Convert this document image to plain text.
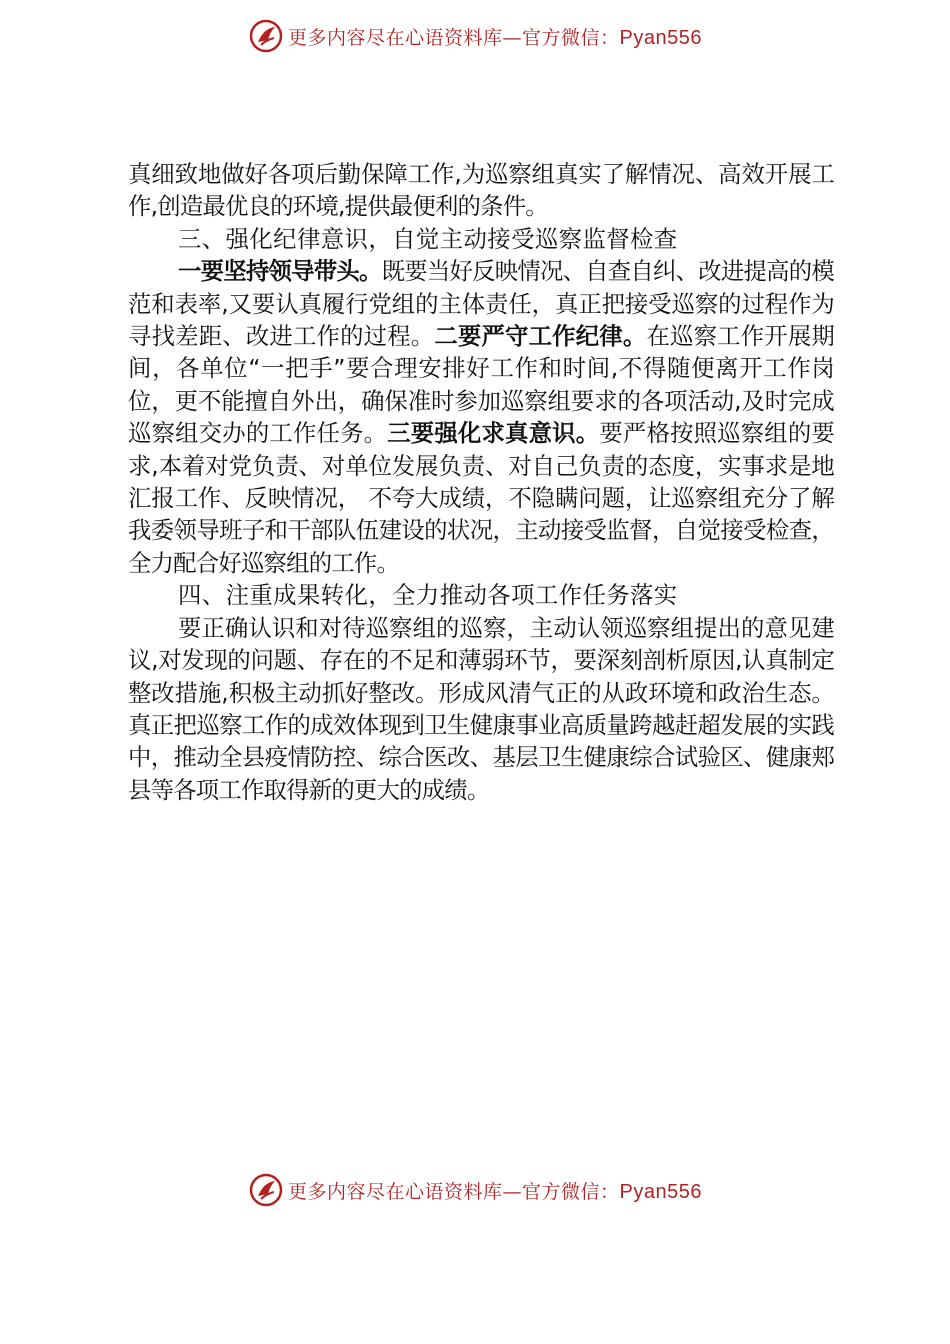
更多内容尽在心语资料库—官方微信：Pyan556

真细致地做好各项后勤保障工作,为巡察组真实了解情况、高效开展工作,创造最优良的环境,提供最便利的条件。

三、强化纪律意识，自觉主动接受巡察监督检查

一要坚持领导带头。既要当好反映情况、自查自纠、改进提高的模范和表率,又要认真履行党组的主体责任，真正把接受巡察的过程作为寻找差距、改进工作的过程。二要严守工作纪律。在巡察工作开展期间，各单位“一把手”要合理安排好工作和时间,不得随便离开工作岗位，更不能擅自外出，确保准时参加巡察组要求的各项活动,及时完成巡察组交办的工作任务。三要强化求真意识。要严格按照巡察组的要求,本着对党负责、对单位发展负责、对自己负责的态度，实事求是地汇报工作、反映情况， 不夸大成绩，不隐瞒问题，让巡察组充分了解我委领导班子和干部队伍建设的状况，主动接受监督，自觉接受检查，全力配合好巡察组的工作。

四、注重成果转化，全力推动各项工作任务落实

要正确认识和对待巡察组的巡察，主动认领巡察组提出的意见建议,对发现的问题、存在的不足和薄弱环节，要深刻剖析原因,认真制定整改措施,积极主动抓好整改。形成风清气正的从政环境和政治生态。真正把巡察工作的成效体现到卫生健康事业高质量跨越赶超发展的实践中，推动全县疫情防控、综合医改、基层卫生健康综合试验区、健康郏县等各项工作取得新的更大的成绩。

更多内容尽在心语资料库—官方微信：Pyan556
